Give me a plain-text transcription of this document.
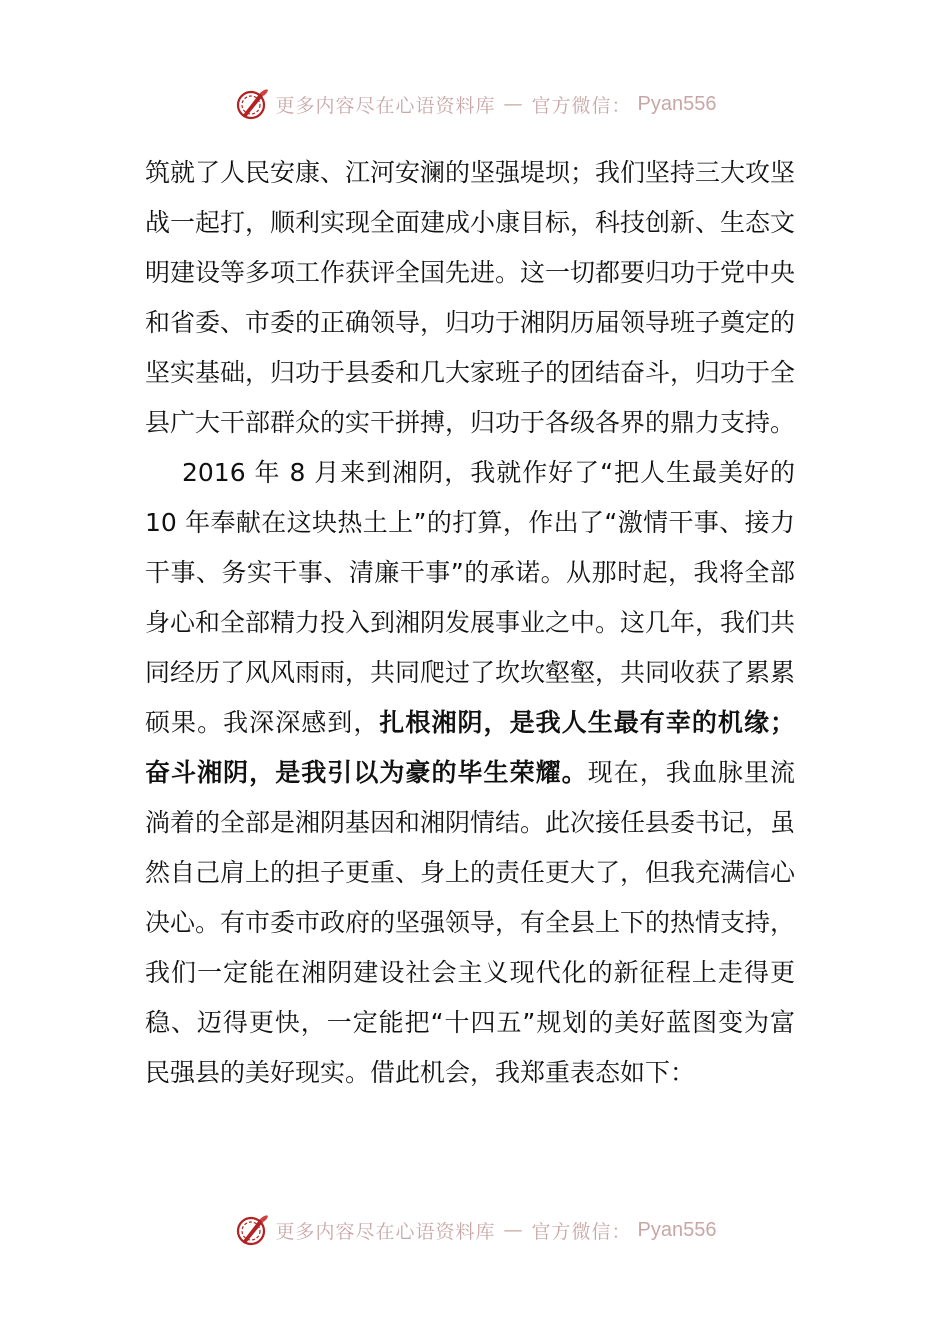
更多内容尽在心语资料库 — 官方微信： Pyan556

筑就了人民安康、江河安澜的坚强堤坝；我们坚持三大攻坚战一起打，顺利实现全面建成小康目标，科技创新、生态文明建设等多项工作获评全国先进。这一切都要归功于党中央和省委、市委的正确领导，归功于湘阴历届领导班子奠定的坚实基础，归功于县委和几大家班子的团结奋斗，归功于全县广大干部群众的实干拼搏，归功于各级各界的鼎力支持。

2016 年 8 月来到湘阴，我就作好了“把人生最美好的 10 年奉献在这块热土上”的打算，作出了“激情干事、接力干事、务实干事、清廉干事”的承诺。从那时起，我将全部身心和全部精力投入到湘阴发展事业之中。这几年，我们共同经历了风风雨雨，共同爬过了坎坎壑壑，共同收获了累累硕果。我深深感到，扎根湘阴，是我人生最有幸的机缘；奋斗湘阴，是我引以为豪的毕生荣耀。现在，我血脉里流淌着的全部是湘阴基因和湘阴情结。此次接任县委书记，虽然自己肩上的担子更重、身上的责任更大了，但我充满信心决心。有市委市政府的坚强领导，有全县上下的热情支持，我们一定能在湘阴建设社会主义现代化的新征程上走得更稳、迈得更快，一定能把“十四五”规划的美好蓝图变为富民强县的美好现实。借此机会，我郑重表态如下：

更多内容尽在心语资料库 — 官方微信： Pyan556
